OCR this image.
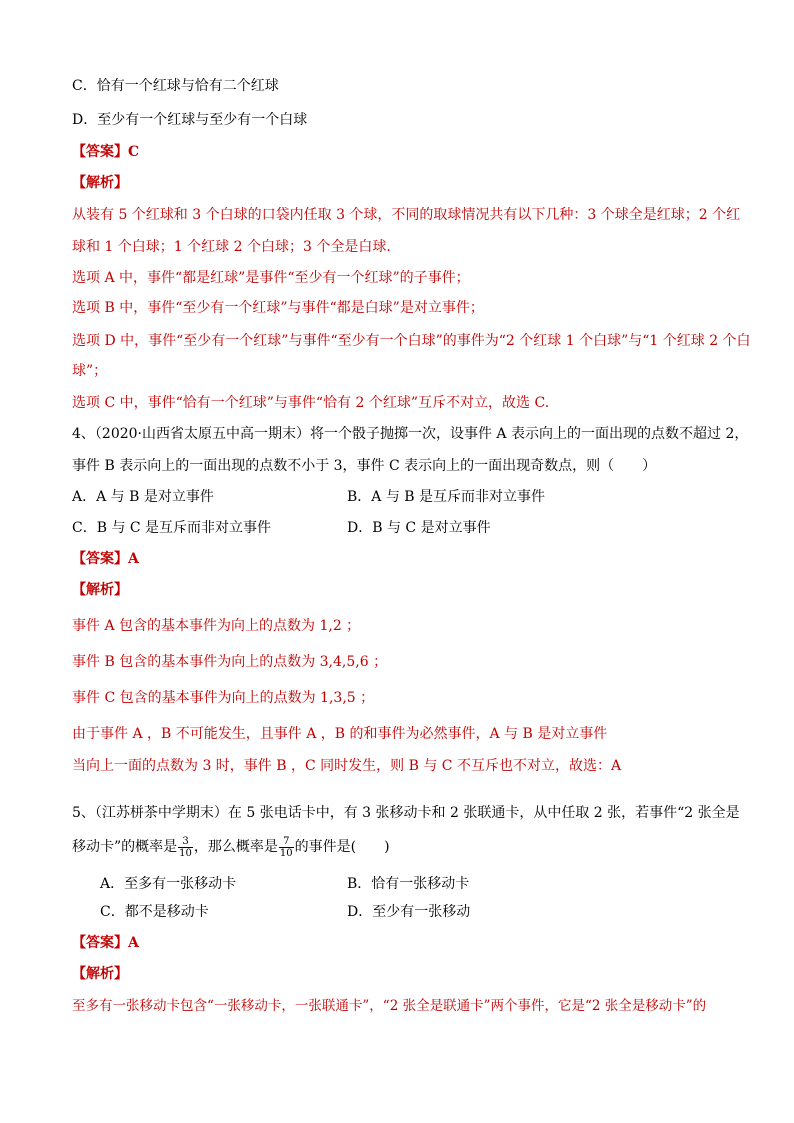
C．恰有一个红球与恰有二个红球
D．至少有一个红球与至少有一个白球
【答案】C
【解析】
从装有 5 个红球和 3 个白球的口袋内任取 3 个球，不同的取球情况共有以下几种：3 个球全是红球；2 个红
球和 1 个白球；1 个红球 2 个白球；3 个全是白球.
选项 A 中，事件“都是红球”是事件“至少有一个红球”的子事件；
选项 B 中，事件“至少有一个红球”与事件“都是白球”是对立事件；
选项 D 中，事件“至少有一个红球”与事件“至少有一个白球”的事件为“2 个红球 1 个白球”与“1 个红球 2 个白
球”；
选项 C 中，事件“恰有一个红球”与事件“恰有 2 个红球”互斥不对立，故选 C.
4、（2020·山西省太原五中高一期末）将一个骰子抛掷一次，设事件 A 表示向上的一面出现的点数不超过 2，
事件 B 表示向上的一面出现的点数不小于 3，事件 C 表示向上的一面出现奇数点，则（　　）
A．A 与 B 是对立事件	B．A 与 B 是互斥而非对立事件
C．B 与 C 是互斥而非对立事件	D．B 与 C 是对立事件
【答案】A
【解析】
事件 A 包含的基本事件为向上的点数为 1,2 ；
事件 B 包含的基本事件为向上的点数为 3,4,5,6 ；
事件 C 包含的基本事件为向上的点数为 1,3,5 ；
由于事件 A ，B 不可能发生，且事件 A ，B 的和事件为必然事件，A 与 B 是对立事件
当向上一面的点数为 3 时，事件 B ，C 同时发生，则 B 与 C 不互斥也不对立，故选：A
5、（江苏栟茶中学期末）在 5 张电话卡中，有 3 张移动卡和 2 张联通卡，从中任取 2 张，若事件“2 张全是
移动卡”的概率是 $\frac{3}{10}$ ，那么概率是 $\frac{7}{10}$ 的事件是(　　)
A．至多有一张移动卡	B．恰有一张移动卡
C．都不是移动卡	D．至少有一张移动
【答案】A
【解析】
至多有一张移动卡包含“一张移动卡，一张联通卡”，“2 张全是联通卡”两个事件，它是“2 张全是移动卡”的
